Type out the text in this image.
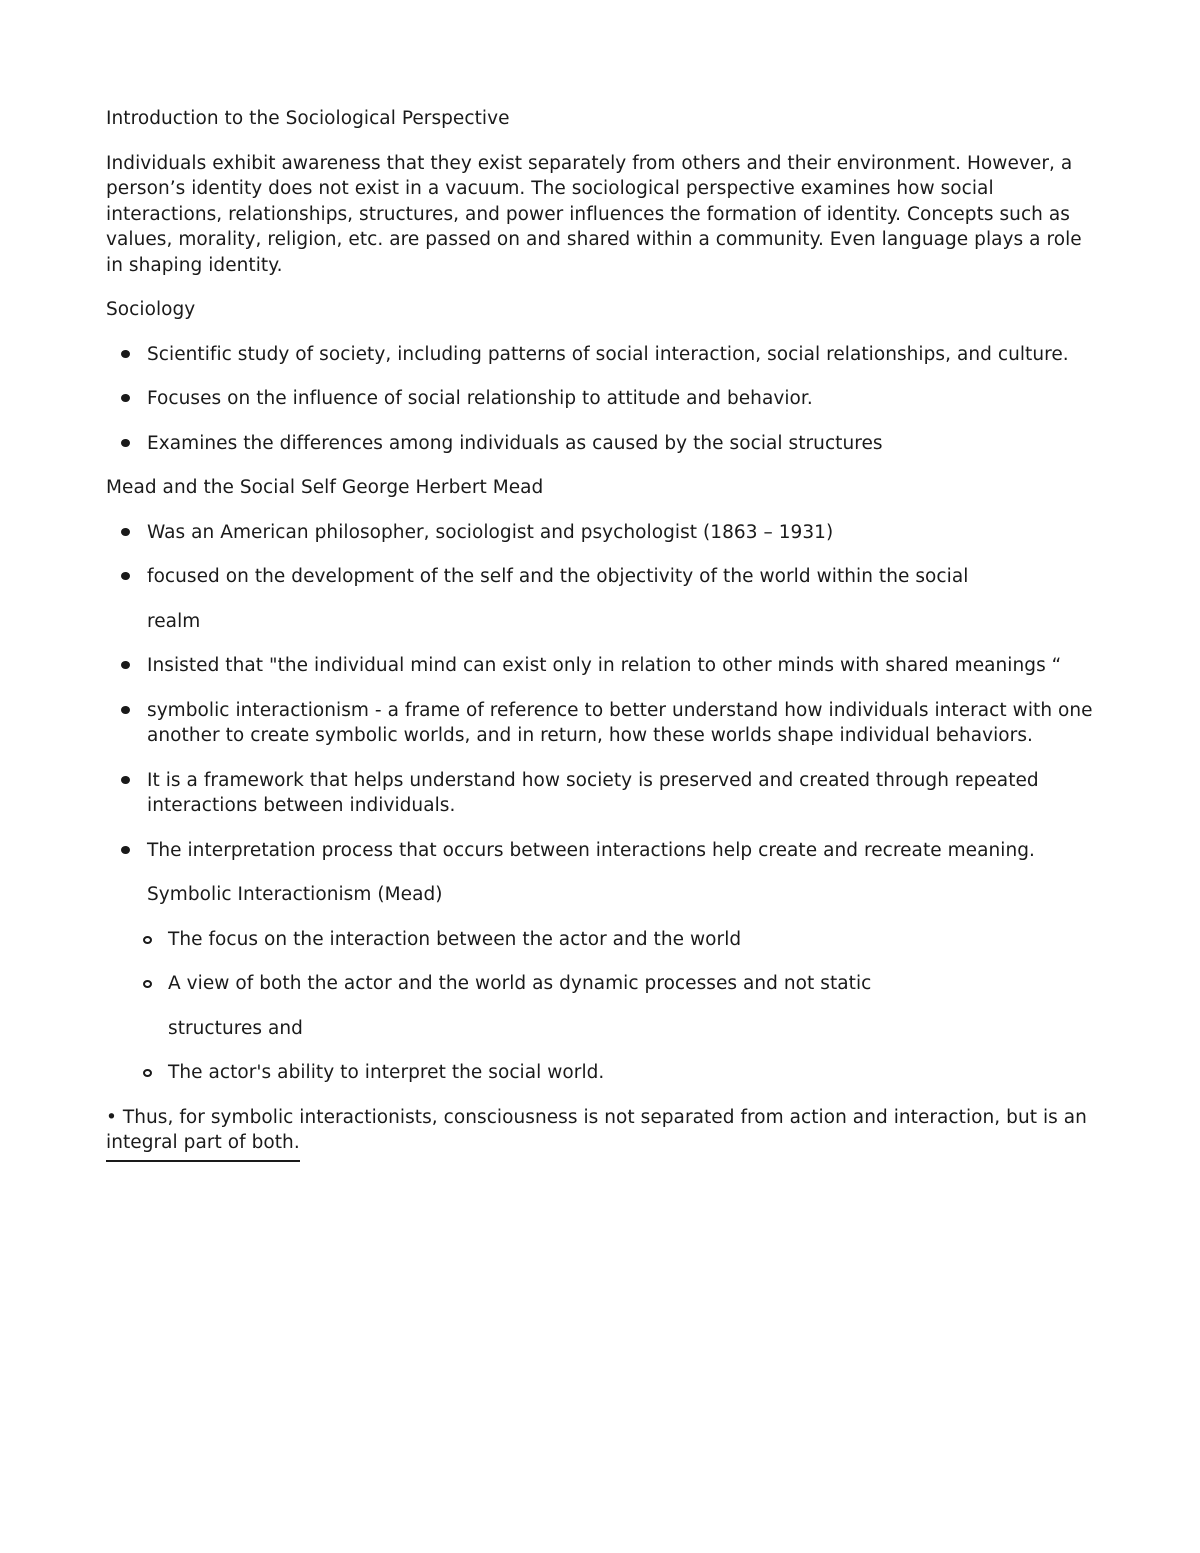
Introduction to the Sociological Perspective

Individuals exhibit awareness that they exist separately from others and their environment. However, a person’s identity does not exist in a vacuum. The sociological perspective examines how social interactions, relationships, structures, and power influences the formation of identity. Concepts such as values, morality, religion, etc. are passed on and shared within a community. Even language plays a role in shaping identity.

Sociology

Scientific study of society, including patterns of social interaction, social relationships, and culture.
Focuses on the influence of social relationship to attitude and behavior.
Examines the differences among individuals as caused by the social structures

Mead and the Social Self George Herbert Mead

Was an American philosopher, sociologist and psychologist (1863 – 1931)
focused on the development of the self and the objectivity of the world within the social

realm

Insisted that "the individual mind can exist only in relation to other minds with shared meanings “
symbolic interactionism - a frame of reference to better understand how individuals interact with one another to create symbolic worlds, and in return, how these worlds shape individual behaviors.
It is a framework that helps understand how society is preserved and created through repeated interactions between individuals.
The interpretation process that occurs between interactions help create and recreate meaning.

Symbolic Interactionism (Mead)

The focus on the interaction between the actor and the world
A view of both the actor and the world as dynamic processes and not static

structures and

The actor's ability to interpret the social world.

• Thus, for symbolic interactionists, consciousness is not separated from action and interaction, but is an integral part of both.
